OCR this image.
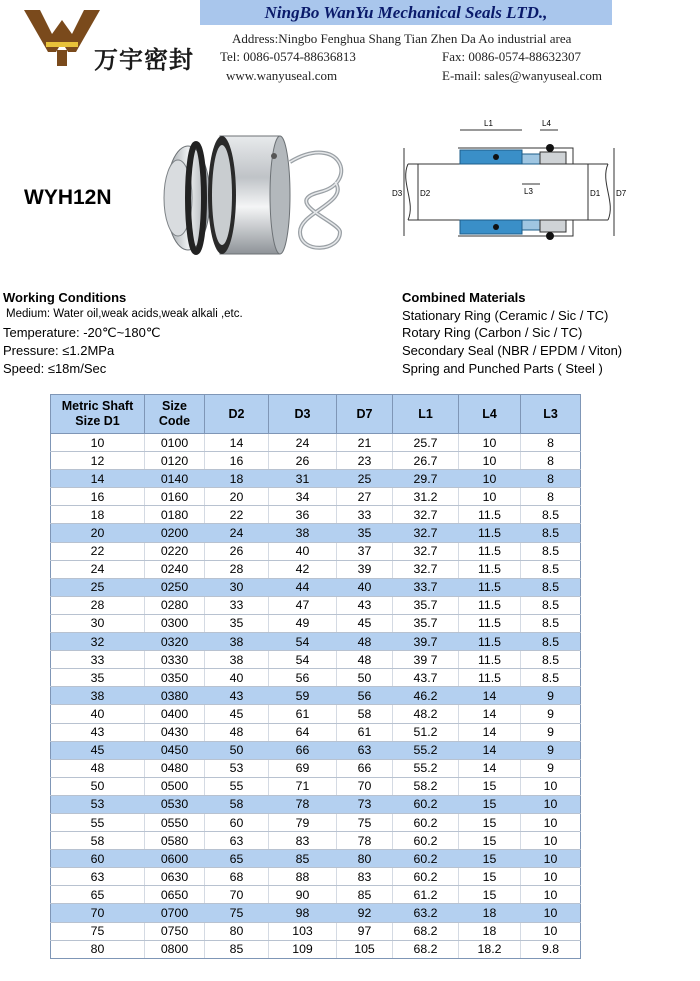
万宇密封
NingBo WanYu Mechanical Seals LTD.,
Address:Ningbo Fenghua Shang Tian Zhen Da Ao industrial area
Tel: 0086-0574-88636813	Fax: 0086-0574-88632307
www.wanyuseal.com	E-mail: sales@wanyuseal.com
WYH12N
L1	L4
L3
D3 D2	D1 D7
Working Conditions
Medium: Water oil,weak acids,weak alkali ,etc.
Temperature: -20℃~180℃
Pressure: ≤1.2MPa
Speed: ≤18m/Sec
Combined Materials
Stationary Ring (Ceramic / Sic / TC)
Rotary Ring (Carbon / Sic / TC)
Secondary Seal (NBR / EPDM / Viton)
Spring and Punched Parts ( Steel )
Metric Shaft Size D1	Size Code	D2	D3	D7	L1	L4	L3
10	0100	14	24	21	25.7	10	8
12	0120	16	26	23	26.7	10	8
14	0140	18	31	25	29.7	10	8
16	0160	20	34	27	31.2	10	8
18	0180	22	36	33	32.7	11.5	8.5
20	0200	24	38	35	32.7	11.5	8.5
22	0220	26	40	37	32.7	11.5	8.5
24	0240	28	42	39	32.7	11.5	8.5
25	0250	30	44	40	33.7	11.5	8.5
28	0280	33	47	43	35.7	11.5	8.5
30	0300	35	49	45	35.7	11.5	8.5
32	0320	38	54	48	39.7	11.5	8.5
33	0330	38	54	48	39 7	11.5	8.5
35	0350	40	56	50	43.7	11.5	8.5
38	0380	43	59	56	46.2	14	9
40	0400	45	61	58	48.2	14	9
43	0430	48	64	61	51.2	14	9
45	0450	50	66	63	55.2	14	9
48	0480	53	69	66	55.2	14	9
50	0500	55	71	70	58.2	15	10
53	0530	58	78	73	60.2	15	10
55	0550	60	79	75	60.2	15	10
58	0580	63	83	78	60.2	15	10
60	0600	65	85	80	60.2	15	10
63	0630	68	88	83	60.2	15	10
65	0650	70	90	85	61.2	15	10
70	0700	75	98	92	63.2	18	10
75	0750	80	103	97	68.2	18	10
80	0800	85	109	105	68.2	18.2	9.8
